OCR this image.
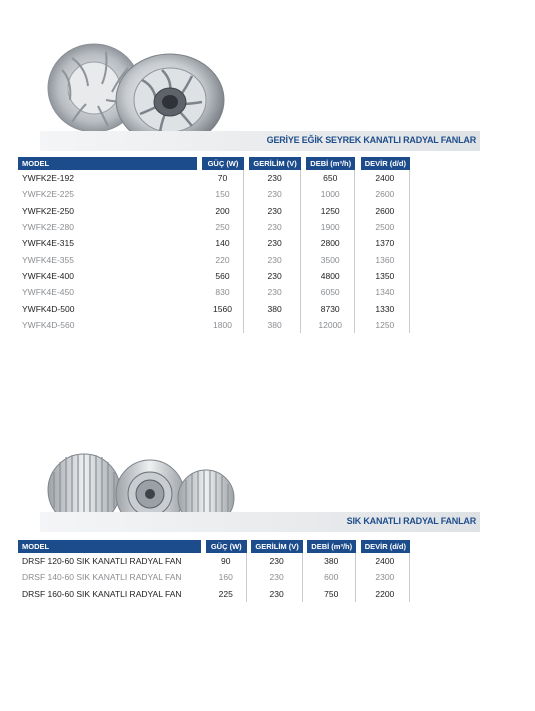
GERİYE EĞİK SEYREK KANATLI RADYAL FANLAR
MODEL		GÜÇ (W)		GERİLİM (V)		DEBİ (m³/h)		DEVİR (d/d)
YWFK2E-192		70		230		650		2400
YWFK2E-225		150		230		1000		2600
YWFK2E-250		200		230		1250		2600
YWFK2E-280		250		230		1900		2500
YWFK4E-315		140		230		2800		1370
YWFK4E-355		220		230		3500		1360
YWFK4E-400		560		230		4800		1350
YWFK4E-450		830		230		6050		1340
YWFK4D-500		1560		380		8730		1330
YWFK4D-560		1800		380		12000		1250
SIK KANATLI RADYAL FANLAR
MODEL		GÜÇ (W)		GERİLİM (V)		DEBİ (m³/h)		DEVİR (d/d)
DRSF 120-60 SIK KANATLI RADYAL FAN		90		230		380		2400
DRSF 140-60 SIK KANATLI RADYAL FAN		160		230		600		2300
DRSF 160-60 SIK KANATLI RADYAL FAN		225		230		750		2200
